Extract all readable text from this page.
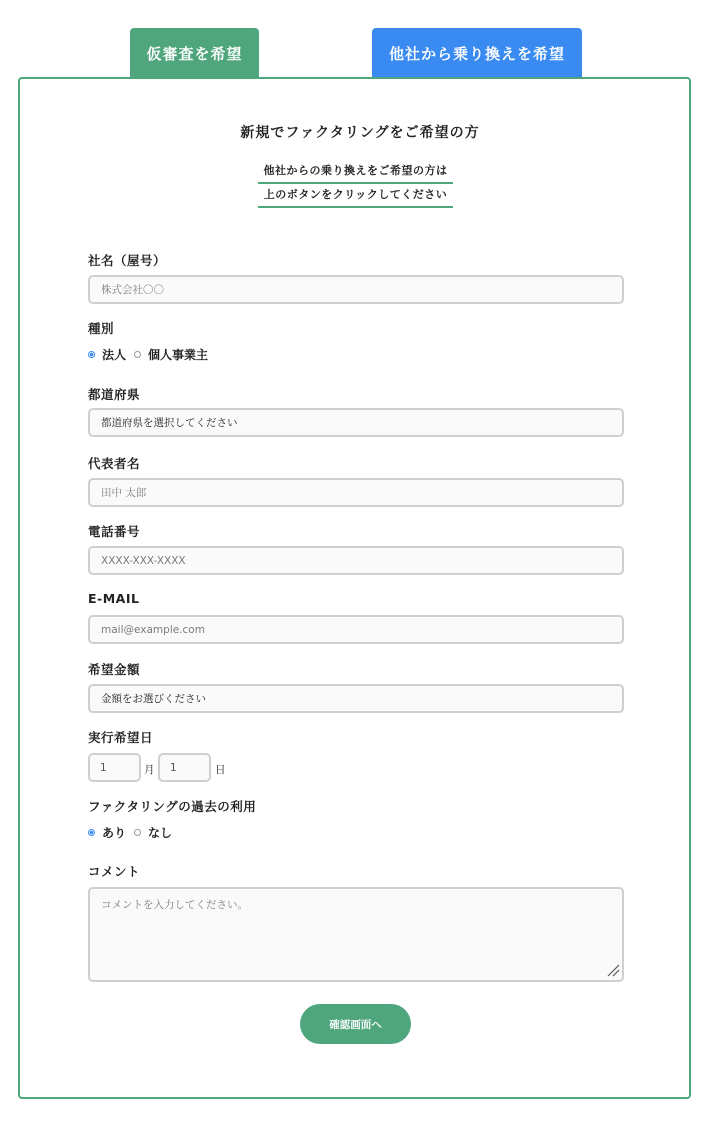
仮審査を希望	他社から乗り換えを希望
新規でファクタリングをご希望の方
他社からの乗り換えをご希望の方は
上のボタンをクリックしてください
社名（屋号）
株式会社〇〇
種別
法人 個人事業主
都道府県
都道府県を選択してください
代表者名
田中 太郎
電話番号
XXXX-XXX-XXXX
E-MAIL
mail@example.com
希望金額
金額をお選びください
実行希望日
1
月
1	日
ファクタリングの過去の利用
あり なし
コメント
コメントを入力してください。
確認画面へ
